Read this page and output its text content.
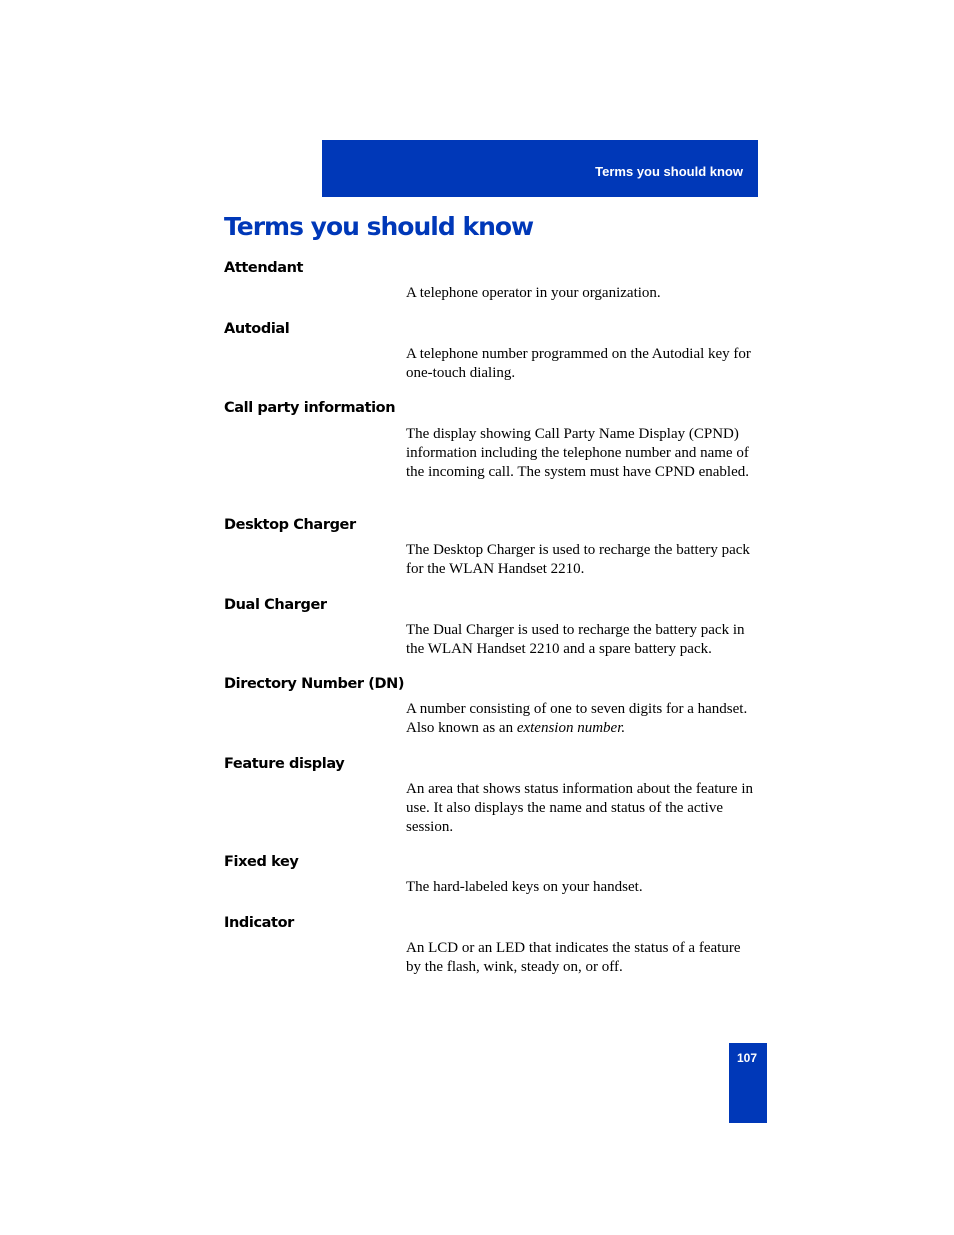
Terms you should know
Terms you should know
Attendant

A telephone operator in your organization.

Autodial

A telephone number programmed on the Autodial key for one-touch dialing.

Call party information

The display showing Call Party Name Display (CPND) information including the telephone number and name of the incoming call. The system must have CPND enabled.

Desktop Charger

The Desktop Charger is used to recharge the battery pack for the WLAN Handset 2210.

Dual Charger

The Dual Charger is used to recharge the battery pack in the WLAN Handset 2210 and a spare battery pack.

Directory Number (DN)

A number consisting of one to seven digits for a handset. Also known as an extension number.

Feature display

An area that shows status information about the feature in use. It also displays the name and status of the active session.

Fixed key

The hard-labeled keys on your handset.

Indicator

An LCD or an LED that indicates the status of a feature by the flash, wink, steady on, or off.

107
